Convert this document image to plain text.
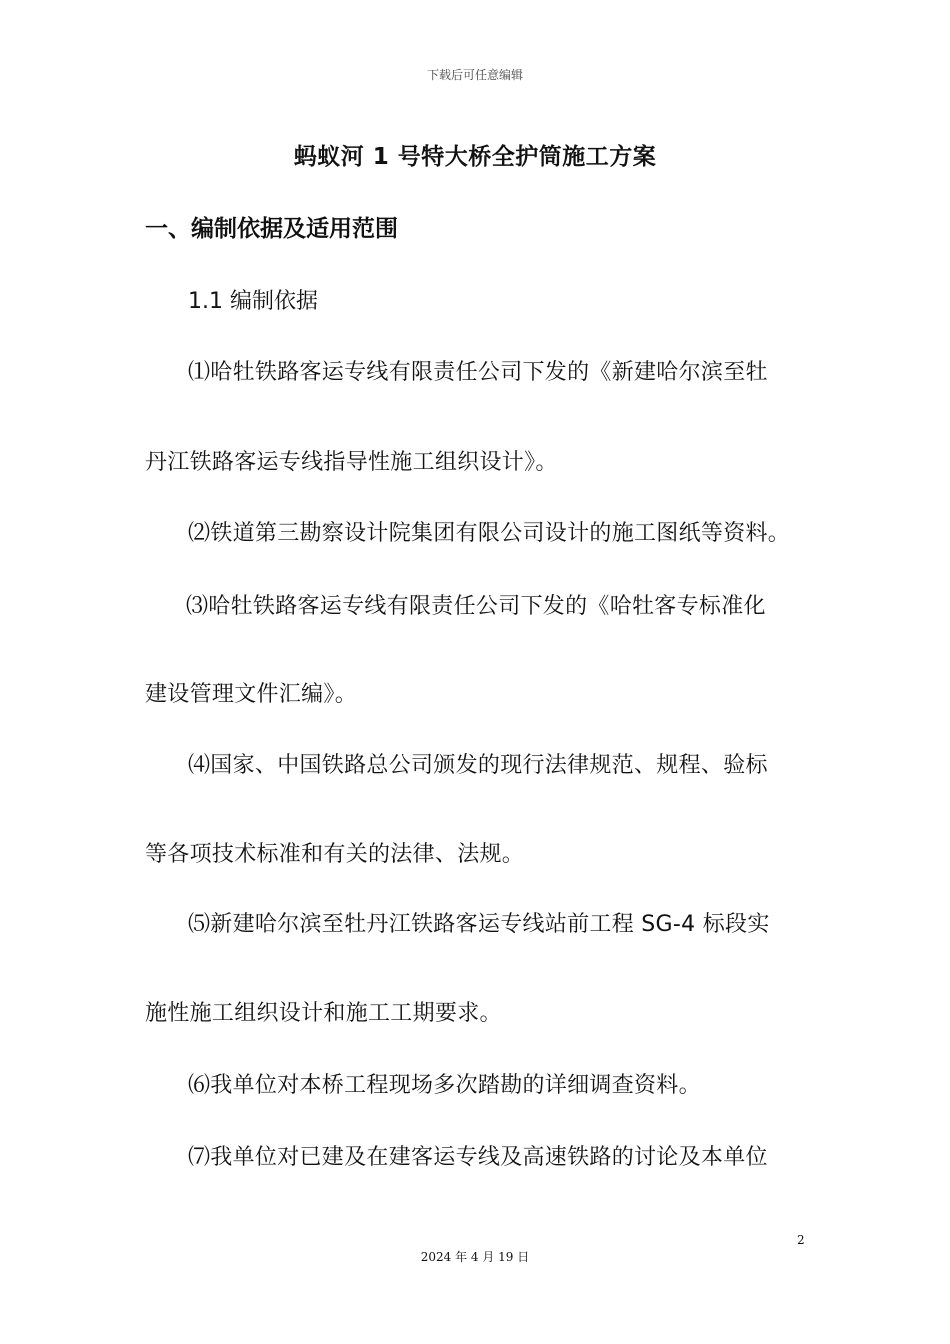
下载后可任意编辑
蚂蚁河 1 号特大桥全护筒施工方案
一、编制依据及适用范围
1.1 编制依据
⑴哈牡铁路客运专线有限责任公司下发的《新建哈尔滨至牡
丹江铁路客运专线指导性施工组织设计》。
⑵铁道第三勘察设计院集团有限公司设计的施工图纸等资料。
⑶哈牡铁路客运专线有限责任公司下发的《哈牡客专标准化
建设管理文件汇编》。
⑷国家、中国铁路总公司颁发的现行法律规范、规程、验标
等各项技术标准和有关的法律、法规。
⑸新建哈尔滨至牡丹江铁路客运专线站前工程 SG-4 标段实
施性施工组织设计和施工工期要求。
⑹我单位对本桥工程现场多次踏勘的详细调查资料。
⑺我单位对已建及在建客运专线及高速铁路的讨论及本单位
2
2024 年 4 月 19 日
